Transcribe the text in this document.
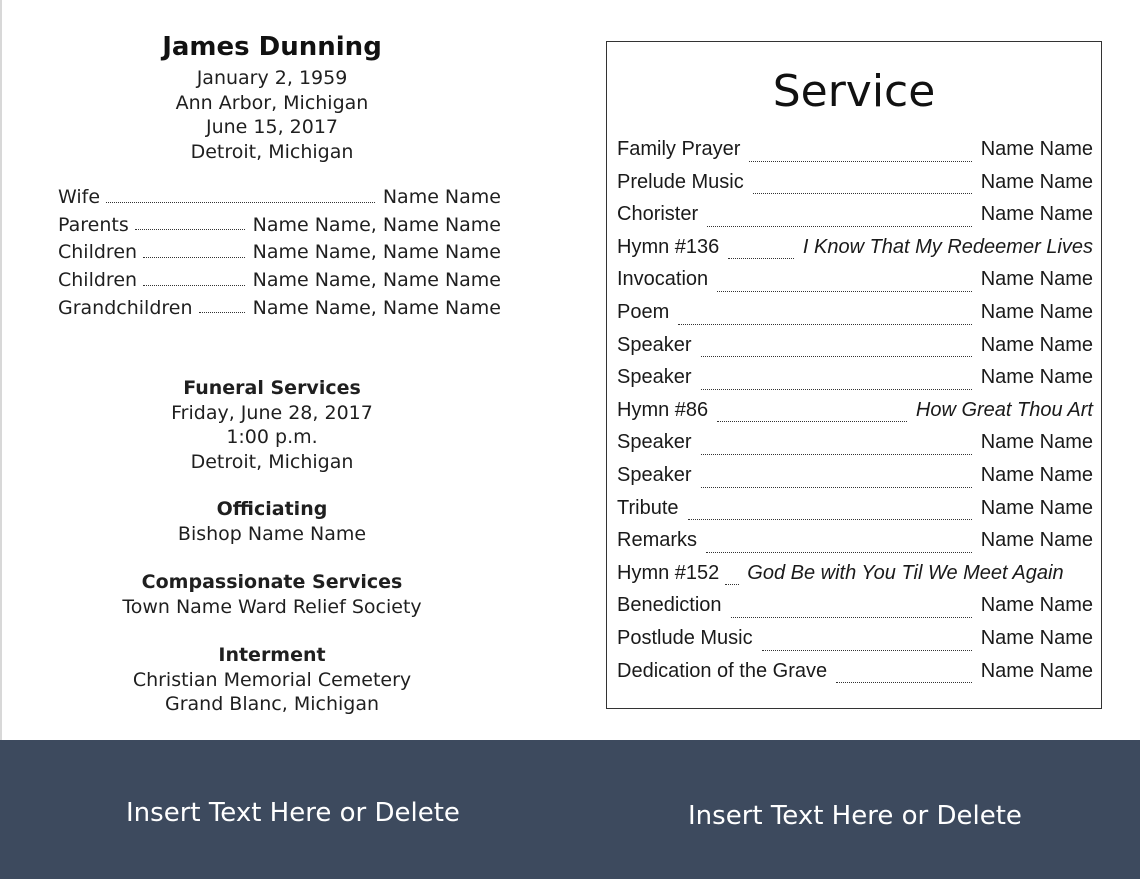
James Dunning
January 2, 1959
Ann Arbor, Michigan
June 15, 2017
Detroit, Michigan
Wife	Name Name
Parents	Name Name, Name Name
Children	Name Name, Name Name
Children	Name Name, Name Name
Grandchildren	Name Name, Name Name
Funeral Services
Friday, June 28, 2017
1:00 p.m.
Detroit, Michigan
Officiating
Bishop Name Name
Compassionate Services
Town Name Ward Relief Society
Interment
Christian Memorial Cemetery
Grand Blanc, Michigan
Service
Family Prayer	Name Name
Prelude Music	Name Name
Chorister	Name Name
Hymn #136	I Know That My Redeemer Lives
Invocation	Name Name
Poem	Name Name
Speaker	Name Name
Speaker	Name Name
Hymn #86	How Great Thou Art
Speaker	Name Name
Speaker	Name Name
Tribute	Name Name
Remarks	Name Name
Hymn #152 God Be with You Til We Meet Again
Benediction	Name Name
Postlude Music	Name Name
Dedication of the Grave	Name Name
Insert Text Here or Delete	Insert Text Here or Delete
